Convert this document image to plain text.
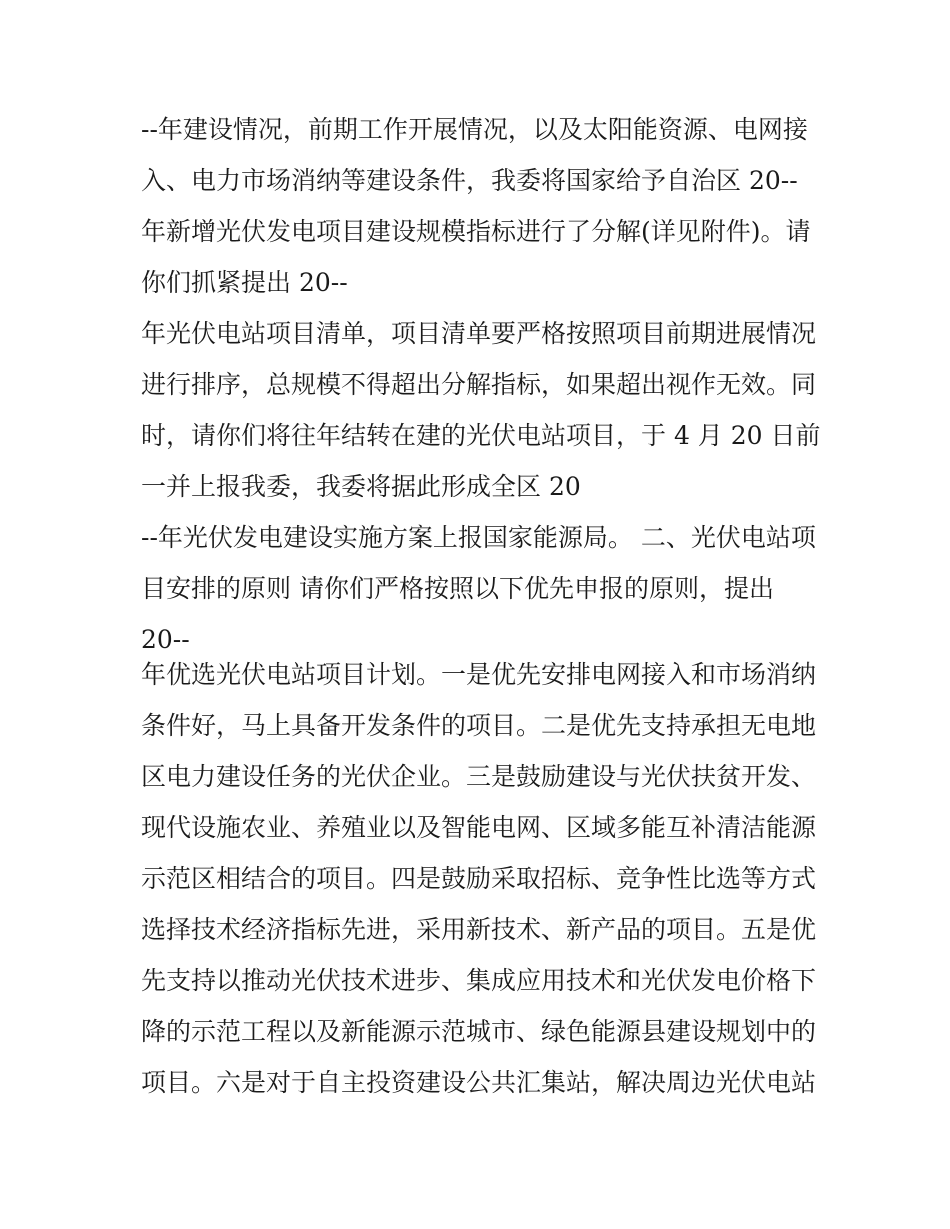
--年建设情况，前期工作开展情况，以及太阳能资源、电网接
入、电力市场消纳等建设条件，我委将国家给予自治区 20--
年新增光伏发电项目建设规模指标进行了分解(详见附件)。请
你们抓紧提出 20--
年光伏电站项目清单，项目清单要严格按照项目前期进展情况
进行排序，总规模不得超出分解指标，如果超出视作无效。同
时，请你们将往年结转在建的光伏电站项目，于 4 月 20 日前
一并上报我委，我委将据此形成全区 20
--年光伏发电建设实施方案上报国家能源局。 二、光伏电站项
目安排的原则 请你们严格按照以下优先申报的原则，提出
20--
年优选光伏电站项目计划。一是优先安排电网接入和市场消纳
条件好，马上具备开发条件的项目。二是优先支持承担无电地
区电力建设任务的光伏企业。三是鼓励建设与光伏扶贫开发、
现代设施农业、养殖业以及智能电网、区域多能互补清洁能源
示范区相结合的项目。四是鼓励采取招标、竞争性比选等方式
选择技术经济指标先进，采用新技术、新产品的项目。五是优
先支持以推动光伏技术进步、集成应用技术和光伏发电价格下
降的示范工程以及新能源示范城市、绿色能源县建设规划中的
项目。六是对于自主投资建设公共汇集站，解决周边光伏电站
